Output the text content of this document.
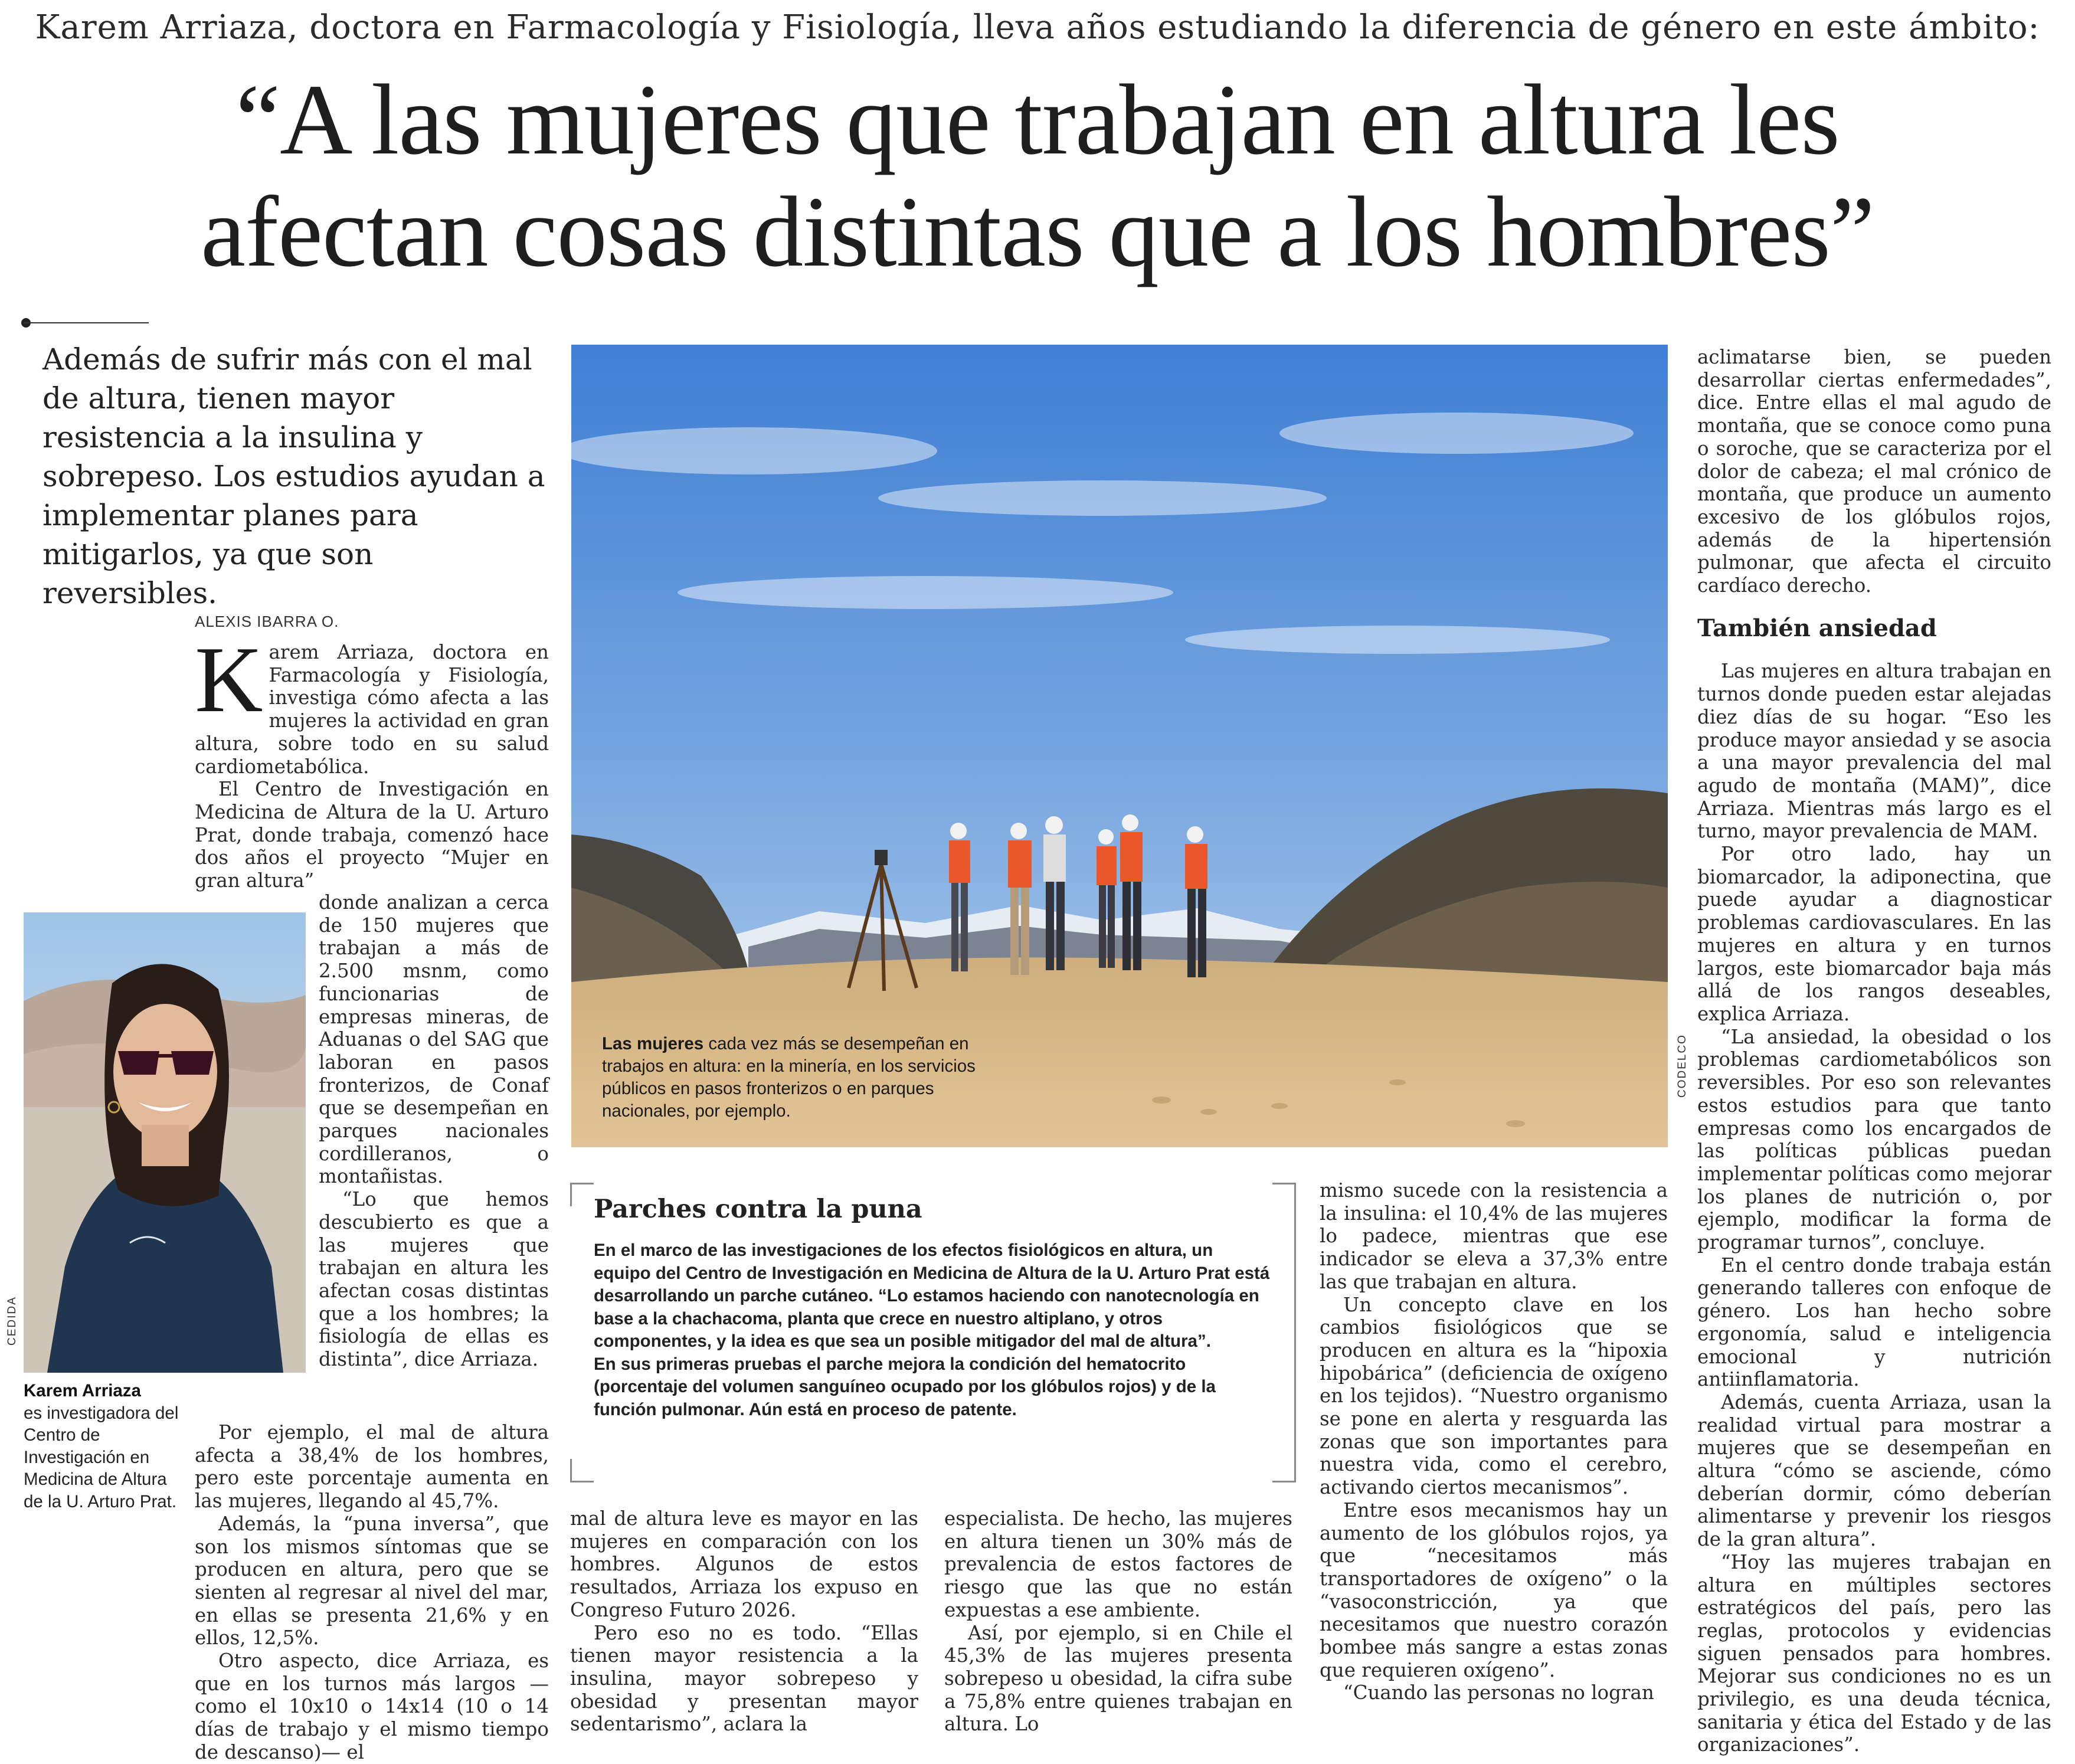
Karem Arriaza, doctora en Farmacología y Fisiología, lleva años estudiando la diferencia de género en este ámbito:
“A las mujeres que trabajan en altura les
afectan cosas distintas que a los hombres”
Además de sufrir más con el mal de altura, tienen mayor resistencia a la insulina y sobrepeso. Los estudios ayudan a implementar planes para mitigarlos, ya que son reversibles.
ALEXIS IBARRA O.

Karem Arriaza, doctora en Farmacología y Fisiología, investiga cómo afecta a las mujeres la actividad en gran altura, sobre todo en su salud cardiometabólica.

El Centro de Investigación en Medicina de Altura de la U. Arturo Prat, donde trabaja, comenzó hace dos años el proyecto “Mujer en gran altura”

donde analizan a cerca de 150 mujeres que trabajan a más de 2.500 msnm, como funcionarias de empresas mineras, de Aduanas o del SAG que laboran en pasos fronterizos, de Conaf que se desempeñan en parques nacionales cordilleranos, o montañistas.

“Lo que hemos descubierto es que a las mujeres que trabajan en altura les afectan cosas distintas que a los hombres; la fisiología de ellas es distinta”, dice Arriaza.

Por ejemplo, el mal de altura afecta a 38,4% de los hombres, pero este porcentaje aumenta en las mujeres, llegando al 45,7%.

Además, la “puna inversa”, que son los mismos síntomas que se producen en altura, pero que se sienten al regresar al nivel del mar, en ellas se presenta 21,6% y en ellos, 12,5%.

Otro aspecto, dice Arriaza, es que en los turnos más largos —como el 10x10 o 14x14 (10 o 14 días de trabajo y el mismo tiempo de descanso)— el

CEDIDA
Karem Arriaza
es investigadora del Centro de Investigación en Medicina de Altura de la U. Arturo Prat.
Las mujeres cada vez más se desempeñan en trabajos en altura: en la minería, en los servicios públicos en pasos fronterizos o en parques nacionales, por ejemplo.
CODELCO
Parches contra la puna

En el marco de las investigaciones de los efectos fisiológicos en altura, un equipo del Centro de Investigación en Medicina de Altura de la U. Arturo Prat está desarrollando un parche cutáneo. “Lo estamos haciendo con nanotecnología en base a la chachacoma, planta que crece en nuestro altiplano, y otros componentes, y la idea es que sea un posible mitigador del mal de altura”.

En sus primeras pruebas el parche mejora la condición del hematocrito (porcentaje del volumen sanguíneo ocupado por los glóbulos rojos) y de la función pulmonar. Aún está en proceso de patente.

mal de altura leve es mayor en las mujeres en comparación con los hombres. Algunos de estos resultados, Arriaza los expuso en Congreso Futuro 2026.

Pero eso no es todo. “Ellas tienen mayor resistencia a la insulina, mayor sobrepeso y obesidad y presentan mayor sedentarismo”, aclara la

especialista. De hecho, las mujeres en altura tienen un 30% más de prevalencia de estos factores de riesgo que las que no están expuestas a ese ambiente.

Así, por ejemplo, si en Chile el 45,3% de las mujeres presenta sobrepeso u obesidad, la cifra sube a 75,8% entre quienes trabajan en altura. Lo

mismo sucede con la resistencia a la insulina: el 10,4% de las mujeres lo padece, mientras que ese indicador se eleva a 37,3% entre las que trabajan en altura.

Un concepto clave en los cambios fisiológicos que se producen en altura es la “hipoxia hipobárica” (deficiencia de oxígeno en los tejidos). “Nuestro organismo se pone en alerta y resguarda las zonas que son importantes para nuestra vida, como el cerebro, activando ciertos mecanismos”.

Entre esos mecanismos hay un aumento de los glóbulos rojos, ya que “necesitamos más transportadores de oxígeno” o la “vasoconstricción, ya que necesitamos que nuestro corazón bombee más sangre a estas zonas que requieren oxígeno”.

“Cuando las personas no logran

aclimatarse bien, se pueden desarrollar ciertas enfermedades”, dice. Entre ellas el mal agudo de montaña, que se conoce como puna o soroche, que se caracteriza por el dolor de cabeza; el mal crónico de montaña, que produce un aumento excesivo de los glóbulos rojos, además de la hipertensión pulmonar, que afecta el circuito cardíaco derecho.

También ansiedad

Las mujeres en altura trabajan en turnos donde pueden estar alejadas diez días de su hogar. “Eso les produce mayor ansiedad y se asocia a una mayor prevalencia del mal agudo de montaña (MAM)”, dice Arriaza. Mientras más largo es el turno, mayor prevalencia de MAM.

Por otro lado, hay un biomarcador, la adiponectina, que puede ayudar a diagnosticar problemas cardiovasculares. En las mujeres en altura y en turnos largos, este biomarcador baja más allá de los rangos deseables, explica Arriaza.

“La ansiedad, la obesidad o los problemas cardiometabólicos son reversibles. Por eso son relevantes estos estudios para que tanto empresas como los encargados de las políticas públicas puedan implementar políticas como mejorar los planes de nutrición o, por ejemplo, modificar la forma de programar turnos”, concluye.

En el centro donde trabaja están generando talleres con enfoque de género. Los han hecho sobre ergonomía, salud e inteligencia emocional y nutrición antiinflamatoria.

Además, cuenta Arriaza, usan la realidad virtual para mostrar a mujeres que se desempeñan en altura “cómo se asciende, cómo deberían dormir, cómo deberían alimentarse y prevenir los riesgos de la gran altura”.

“Hoy las mujeres trabajan en altura en múltiples sectores estratégicos del país, pero las reglas, protocolos y evidencias siguen pensados para hombres. Mejorar sus condiciones no es un privilegio, es una deuda técnica, sanitaria y ética del Estado y de las organizaciones”.
